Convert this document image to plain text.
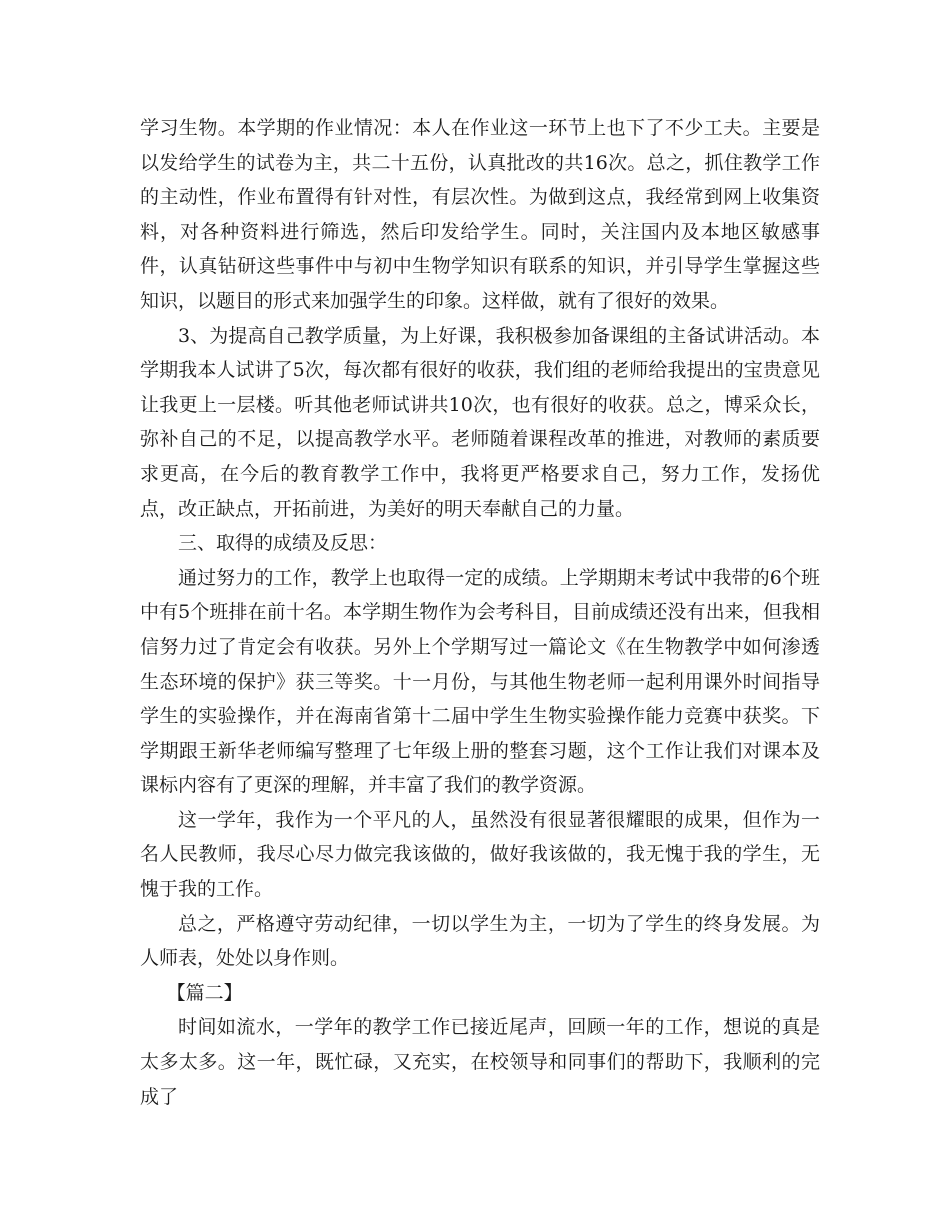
学习生物。本学期的作业情况：本人在作业这一环节上也下了不少工夫。主要是以发给学生的试卷为主，共二十五份，认真批改的共16次。总之，抓住教学工作的主动性，作业布置得有针对性，有层次性。为做到这点，我经常到网上收集资料，对各种资料进行筛选，然后印发给学生。同时，关注国内及本地区敏感事件，认真钻研这些事件中与初中生物学知识有联系的知识，并引导学生掌握这些知识，以题目的形式来加强学生的印象。这样做，就有了很好的效果。

3、为提高自己教学质量，为上好课，我积极参加备课组的主备试讲活动。本学期我本人试讲了5次，每次都有很好的收获，我们组的老师给我提出的宝贵意见让我更上一层楼。听其他老师试讲共10次，也有很好的收获。总之，博采众长，弥补自己的不足，以提高教学水平。老师随着课程改革的推进，对教师的素质要求更高，在今后的教育教学工作中，我将更严格要求自己，努力工作，发扬优点，改正缺点，开拓前进，为美好的明天奉献自己的力量。

三、取得的成绩及反思：

通过努力的工作，教学上也取得一定的成绩。上学期期末考试中我带的6个班中有5个班排在前十名。本学期生物作为会考科目，目前成绩还没有出来，但我相信努力过了肯定会有收获。另外上个学期写过一篇论文《在生物教学中如何渗透生态环境的保护》获三等奖。十一月份，与其他生物老师一起利用课外时间指导学生的实验操作，并在海南省第十二届中学生生物实验操作能力竞赛中获奖。下学期跟王新华老师编写整理了七年级上册的整套习题，这个工作让我们对课本及课标内容有了更深的理解，并丰富了我们的教学资源。

这一学年，我作为一个平凡的人，虽然没有很显著很耀眼的成果，但作为一名人民教师，我尽心尽力做完我该做的，做好我该做的，我无愧于我的学生，无愧于我的工作。

总之，严格遵守劳动纪律，一切以学生为主，一切为了学生的终身发展。为人师表，处处以身作则。

【篇二】

时间如流水，一学年的教学工作已接近尾声，回顾一年的工作，想说的真是太多太多。这一年，既忙碌，又充实，在校领导和同事们的帮助下，我顺利的完成了
